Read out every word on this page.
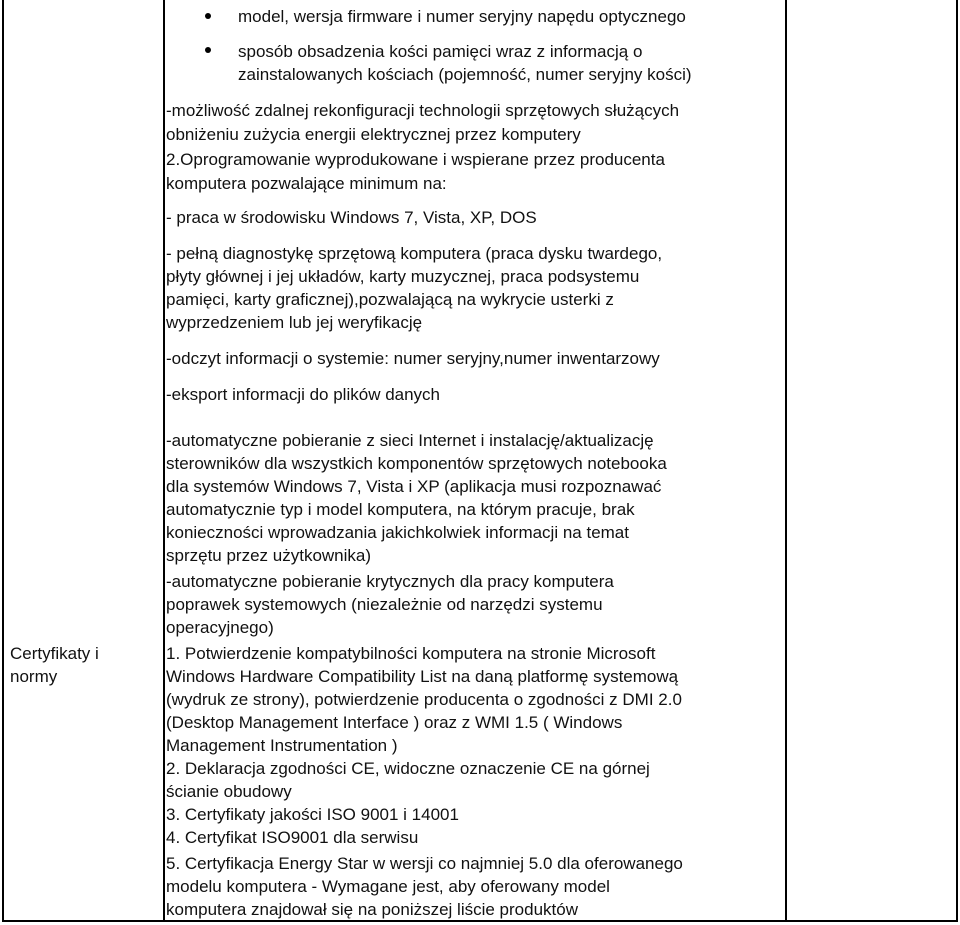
Certyfikaty i
normy
model, wersja firmware i numer seryjny napędu optycznego
sposób obsadzenia kości pamięci wraz z informacją o
zainstalowanych kościach (pojemność, numer seryjny kości)
-możliwość zdalnej rekonfiguracji technologii sprzętowych służących
obniżeniu zużycia energii elektrycznej przez komputery
2.Oprogramowanie wyprodukowane i wspierane przez producenta
komputera pozwalające minimum na:
- praca w środowisku Windows 7, Vista, XP, DOS
- pełną diagnostykę sprzętową komputera (praca dysku twardego,
płyty głównej i jej układów, karty muzycznej, praca podsystemu
pamięci, karty graficznej),pozwalającą na wykrycie usterki z
wyprzedzeniem lub jej weryfikację
-odczyt informacji o systemie: numer seryjny,numer inwentarzowy
-eksport informacji do plików danych
-automatyczne pobieranie z sieci Internet i instalację/aktualizację
sterowników dla wszystkich komponentów sprzętowych notebooka
dla systemów Windows 7, Vista i XP (aplikacja musi rozpoznawać
automatycznie typ i model komputera, na którym pracuje, brak
konieczności wprowadzania jakichkolwiek informacji na temat
sprzętu przez użytkownika)
-automatyczne pobieranie krytycznych dla pracy komputera
poprawek systemowych (niezależnie od narzędzi systemu
operacyjnego)
1. Potwierdzenie kompatybilności komputera na stronie Microsoft
Windows Hardware Compatibility List na daną platformę systemową
(wydruk ze strony), potwierdzenie producenta o zgodności z DMI 2.0
(Desktop Management Interface ) oraz z WMI 1.5 ( Windows
Management Instrumentation )
2. Deklaracja zgodności CE, widoczne oznaczenie CE na górnej
ścianie obudowy
3. Certyfikaty jakości ISO 9001 i 14001
4. Certyfikat ISO9001 dla serwisu
5. Certyfikacja Energy Star w wersji co najmniej 5.0 dla oferowanego
modelu komputera - Wymagane jest, aby oferowany model
komputera znajdował się na poniższej liście produktów
